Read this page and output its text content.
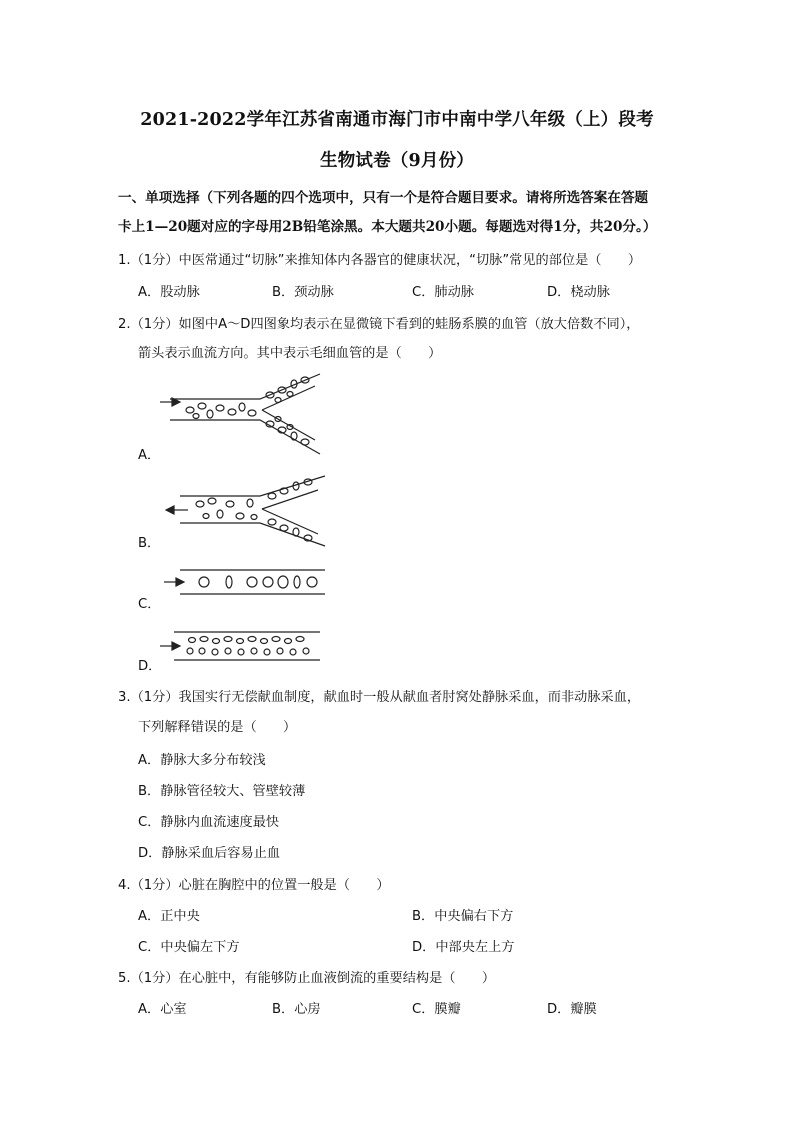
2021-2022学年江苏省南通市海门市中南中学八年级（上）段考
生物试卷（9月份）
一、单项选择（下列各题的四个选项中，只有一个是符合题目要求。请将所选答案在答题
卡上1—20题对应的字母用2B铅笔涂黑。本大题共20小题。每题选对得1分，共20分。）
1.（1分）中医常通过“切脉”来推知体内各器官的健康状况，“切脉”常见的部位是（　　）
A．股动脉	B．颈动脉	C．肺动脉	D．桡动脉
2.（1分）如图中A～D四图象均表示在显微镜下看到的蛙肠系膜的血管（放大倍数不同），
箭头表示血流方向。其中表示毛细血管的是（　　）
A．
B．
C．
D．
3.（1分）我国实行无偿献血制度，献血时一般从献血者肘窝处静脉采血，而非动脉采血，
下列解释错误的是（　　）
A．静脉大多分布较浅
B．静脉管径较大、管壁较薄
C．静脉内血流速度最快
D．静脉采血后容易止血
4.（1分）心脏在胸腔中的位置一般是（　　）
A．正中央	B．中央偏右下方
C．中央偏左下方	D．中部央左上方
5.（1分）在心脏中，有能够防止血液倒流的重要结构是（　　）
A．心室	B．心房	C．膜瓣	D．瓣膜
